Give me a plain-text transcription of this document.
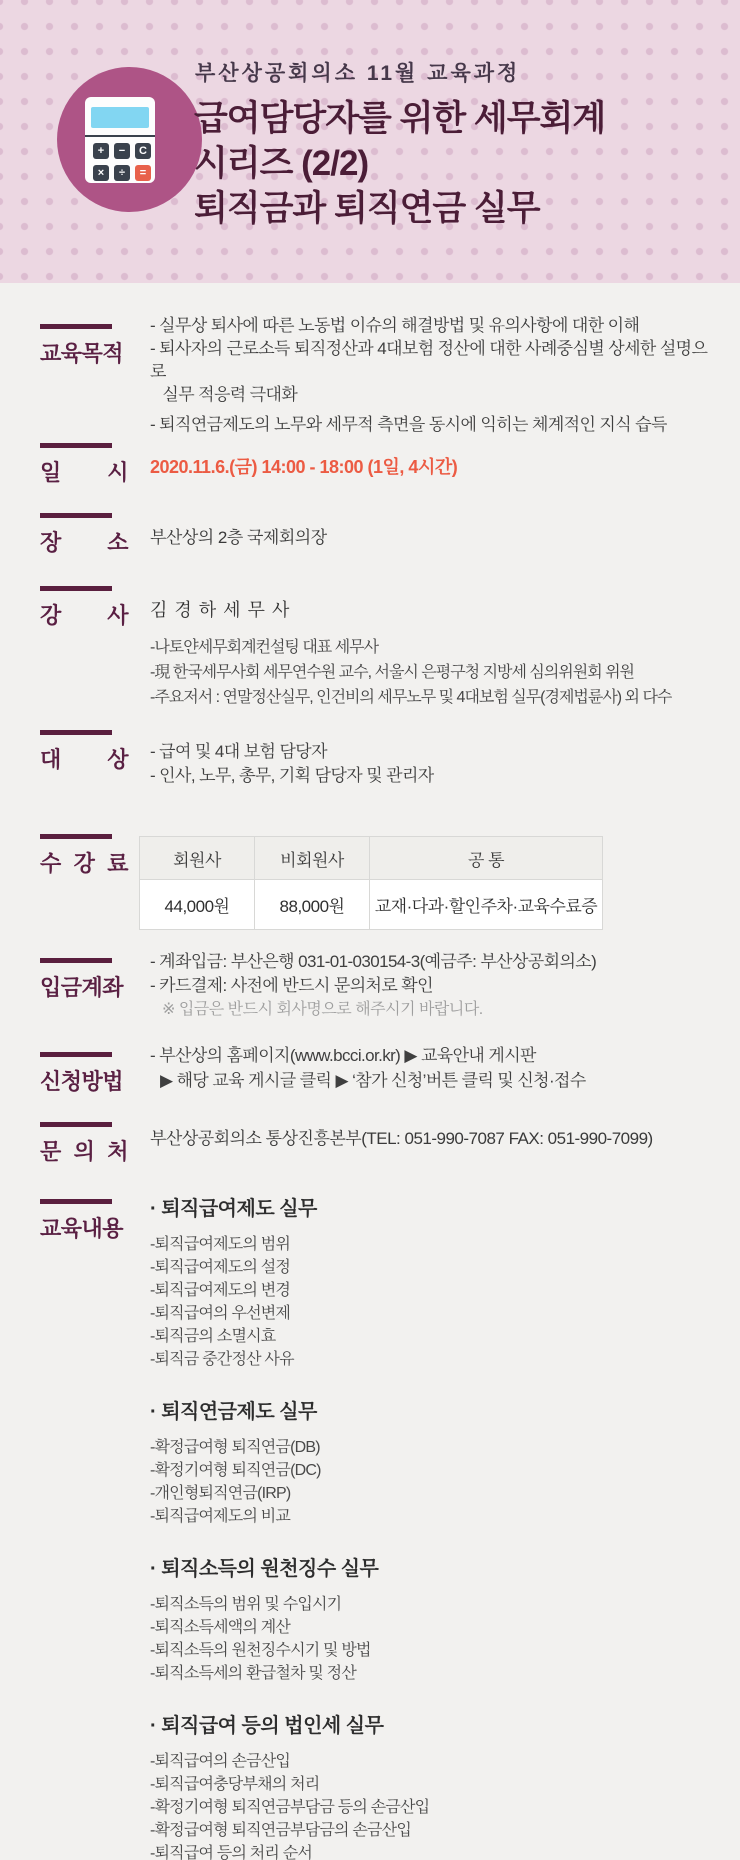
+	−	C
×	÷	=
부산상공회의소 11월 교육과정
급여담당자를 위한 세무회계
시리즈 (2/2)
퇴직금과 퇴직연금 실무
교육목적
- 실무상 퇴사에 따른 노동법 이슈의 해결방법 및 유의사항에 대한 이해
- 퇴사자의 근로소득 퇴직정산과 4대보험 정산에 대한 사례중심별 상세한 설명으로
실무 적응력 극대화
- 퇴직연금제도의 노무와 세무적 측면을 동시에 익히는 체계적인 지식 습득
일 시 2020.11.6.(금) 14:00 - 18:00 (1일, 4시간)
장 소 부산상의 2층 국제회의장
강 사 김 경 하 세 무 사
-나토얀세무회계컨설팅 대표 세무사
-現 한국세무사회 세무연수원 교수, 서울시 은평구청 지방세 심의위원회 위원
-주요저서 : 연말정산실무, 인건비의 세무노무 및 4대보험 실무(경제법륜사) 외 다수
대 상 - 급여 및 4대 보험 담당자
- 인사, 노무, 총무, 기획 담당자 및 관리자
수 강 료	회원사	비회원사	공 통
44,000원	88,000원	교재·다과·할인주차·교육수료증
입금계좌
- 계좌입금: 부산은행 031-01-030154-3(예금주: 부산상공회의소)
- 카드결제: 사전에 반드시 문의처로 확인
※ 입금은 반드시 회사명으로 해주시기 바랍니다.
신청방법
- 부산상의 홈페이지(www.bcci.or.kr) ▶ 교육안내 게시판
▶ 해당 교육 게시글 클릭 ▶ ‘참가 신청’버튼 클릭 및 신청·접수
문 의 처
부산상공회의소 통상진흥본부(TEL: 051-990-7087 FAX: 051-990-7099)
교육내용
· 퇴직급여제도 실무
-퇴직급여제도의 범위
-퇴직급여제도의 설정
-퇴직급여제도의 변경
-퇴직급여의 우선변제
-퇴직금의 소멸시효
-퇴직금 중간정산 사유
· 퇴직연금제도 실무
-확정급여형 퇴직연금(DB)
-확정기여형 퇴직연금(DC)
-개인형퇴직연금(IRP)
-퇴직급여제도의 비교
· 퇴직소득의 원천징수 실무
-퇴직소득의 범위 및 수입시기
-퇴직소득세액의 계산
-퇴직소득의 원천징수시기 및 방법
-퇴직소득세의 환급철차 및 정산
· 퇴직급여 등의 법인세 실무
-퇴직급여의 손금산입
-퇴직급여충당부채의 처리
-확정기여형 퇴직연금부담금 등의 손금산입
-확정급여형 퇴직연금부담금의 손금산입
-퇴직급여 등의 처리 순서
